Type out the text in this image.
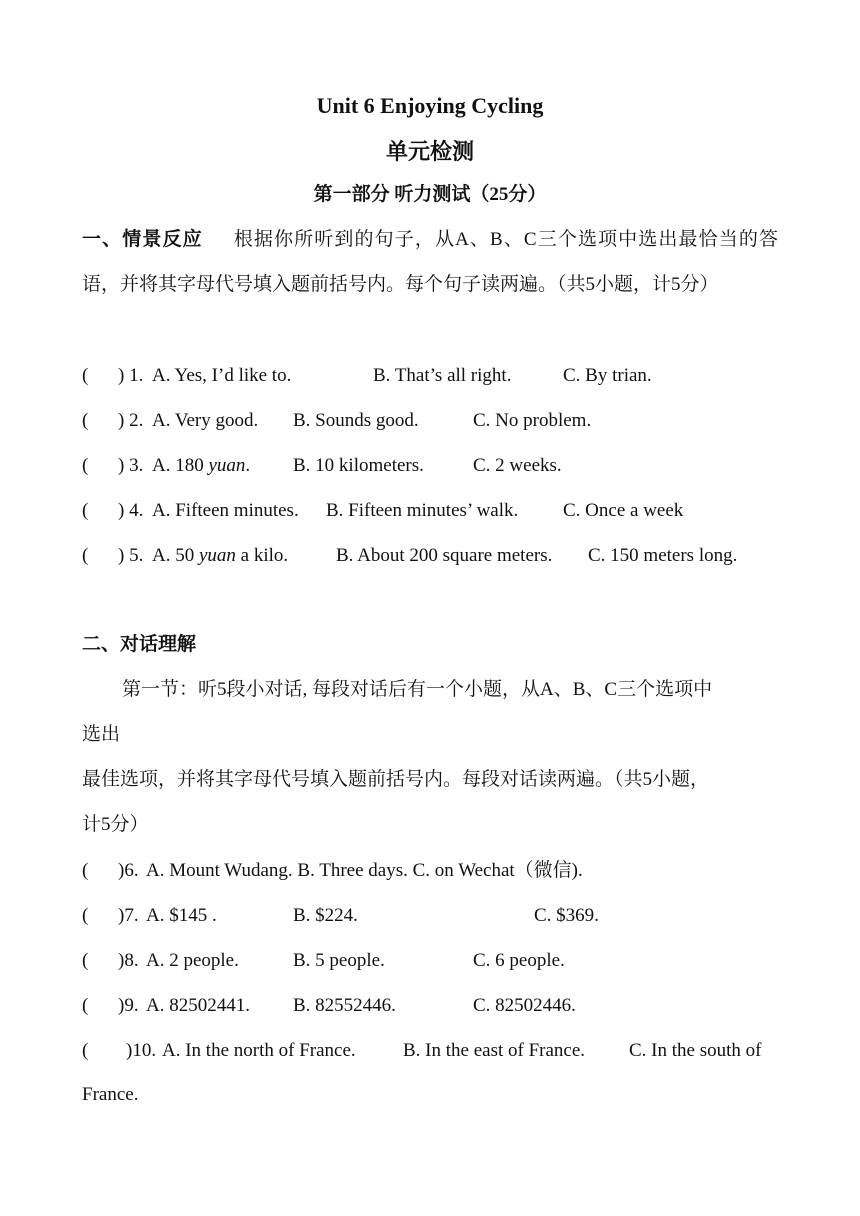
Unit 6 Enjoying Cycling
单元检测
第一部分 听力测试（25分）
一、情景反应 根据你所听到的句子，从A、B、C三个选项中选出最恰当的答语，并将其字母代号填入题前括号内。每个句子读两遍。（共5小题，计5分）
( ) 1. A. Yes, I’d like to.	B. That’s all right.	C. By trian.
( ) 2. A. Very good. B. Sounds good.	C. No problem.
( ) 3. A. 180 yuan. B. 10 kilometers.	C. 2 weeks.
( ) 4. A. Fifteen minutes. B. Fifteen minutes’ walk. C. Once a week
( ) 5. A. 50 yuan a kilo.	B. About 200 square meters. C. 150 meters long.
二、对话理解
第一节：听5段小对话, 每段对话后有一个小题，从A、B、C三个选项中
选出
最佳选项，并将其字母代号填入题前括号内。每段对话读两遍。（共5小题，
计5分）
( )6. A. Mount Wudang. B. Three days. C. on Wechat（微信).
( )7. A. $145 .	B. $224.	C. $369.
( )8. A. 2 people.	B. 5 people.	C. 6 people.
( )9. A. 82502441. B. 82552446.	C. 82502446.
( )10. A. In the north of France. B. In the east of France. C. In the south of
France.
